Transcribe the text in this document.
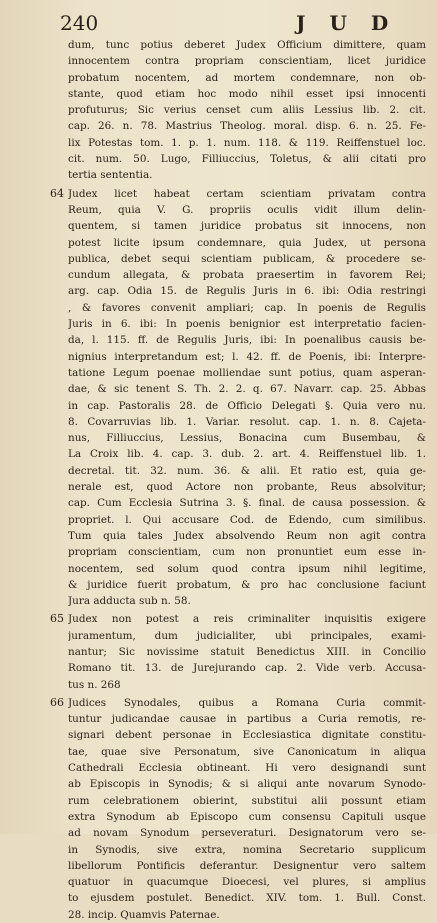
240	JUD
dum, tunc potius deberet Judex Officium dimittere, quam
innocentem contra propriam conscientiam, licet juridice
probatum nocentem, ad mortem condemnare, non ob-
stante, quod etiam hoc modo nihil esset ipsi innocenti
profuturus; Sic verius censet cum aliis Lessius lib. 2. cit.
cap. 26. n. 78. Mastrius Theolog. moral. disp. 6. n. 25. Fe-
lix Potestas tom. 1. p. 1. num. 118. & 119. Reiffenstuel loc.
cit. num. 50. Lugo, Filliuccius, Toletus, & alii citati pro
tertia sententia.
64 Judex licet habeat certam scientiam privatam contra
Reum, quia V. G. propriis oculis vidit illum delin-
quentem, si tamen juridice probatus sit innocens, non
potest licite ipsum condemnare, quia Judex, ut persona
publica, debet sequi scientiam publicam, & procedere se-
cundum allegata, & probata praesertim in favorem Rei;
arg. cap. Odia 15. de Regulis Juris in 6. ibi: Odia restringi
, & favores convenit ampliari; cap. In poenis de Regulis
Juris in 6. ibi: In poenis benignior est interpretatio facien-
da, l. 115. ff. de Regulis Juris, ibi: In poenalibus causis be-
nignius interpretandum est; l. 42. ff. de Poenis, ibi: Interpre-
tatione Legum poenae molliendae sunt potius, quam asperan-
dae, & sic tenent S. Th. 2. 2. q. 67. Navarr. cap. 25. Abbas
in cap. Pastoralis 28. de Officio Delegati §. Quia vero nu.
8. Covarruvias lib. 1. Variar. resolut. cap. 1. n. 8. Cajeta-
nus, Filliuccius, Lessius, Bonacina cum Busembau, &
La Croix lib. 4. cap. 3. dub. 2. art. 4. Reiffenstuel lib. 1.
decretal. tit. 32. num. 36. & alii. Et ratio est, quia ge-
nerale est, quod Actore non probante, Reus absolvitur;
cap. Cum Ecclesia Sutrina 3. §. final. de causa possession. &
propriet. l. Qui accusare Cod. de Edendo, cum similibus.
Tum quia tales Judex absolvendo Reum non agit contra
propriam conscientiam, cum non pronuntiet eum esse in-
nocentem, sed solum quod contra ipsum nihil legitime,
& juridice fuerit probatum, & pro hac conclusione faciunt
Jura adducta sub n. 58.
65 Judex non potest a reis criminaliter inquisitis exigere
juramentum, dum judicialiter, ubi principales, exami-
nantur; Sic novissime statuit Benedictus XIII. in Concilio
Romano tit. 13. de Jurejurando cap. 2. Vide verb. Accusa-
tus n. 268
66 Judices Synodales, quibus a Romana Curia commit-
tuntur judicandae causae in partibus a Curia remotis, re-
signari debent personae in Ecclesiastica dignitate constitu-
tae, quae sive Personatum, sive Canonicatum in aliqua
Cathedrali Ecclesia obtineant. Hi vero designandi sunt
ab Episcopis in Synodis; & si aliqui ante novarum Synodo-
rum celebrationem obierint, substitui alii possunt etiam
extra Synodum ab Episcopo cum consensu Capituli usque
ad novam Synodum perseveraturi. Designatorum vero se-
in Synodis, sive extra, nomina Secretario supplicum
libellorum Pontificis deferantur. Designentur vero saltem
quatuor in quacumque Dioecesi, vel plures, si amplius
to ejusdem postulet. Benedict. XIV. tom. 1. Bull. Const.
28. incip. Quamvis Paternae.
